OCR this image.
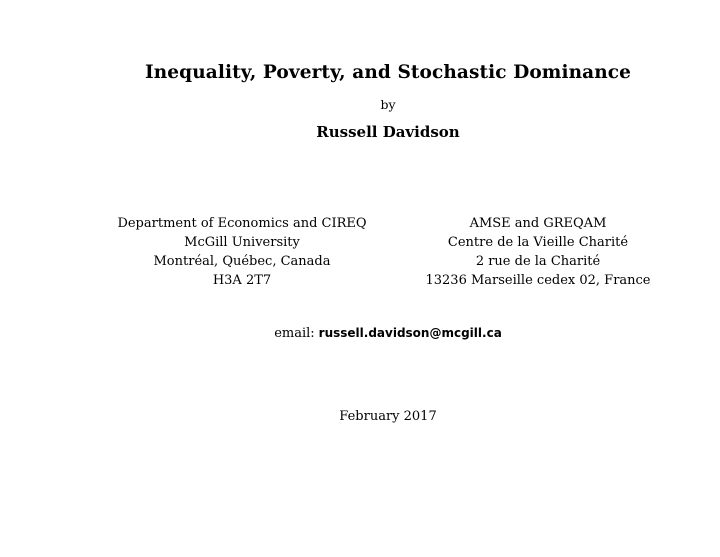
Inequality, Poverty, and Stochastic Dominance
by
Russell Davidson
Department of Economics and CIREQ
McGill University
Montréal, Québec, Canada
H3A 2T7
AMSE and GREQAM
Centre de la Vieille Charité
2 rue de la Charité
13236 Marseille cedex 02, France
email: russell.davidson@mcgill.ca
February 2017
